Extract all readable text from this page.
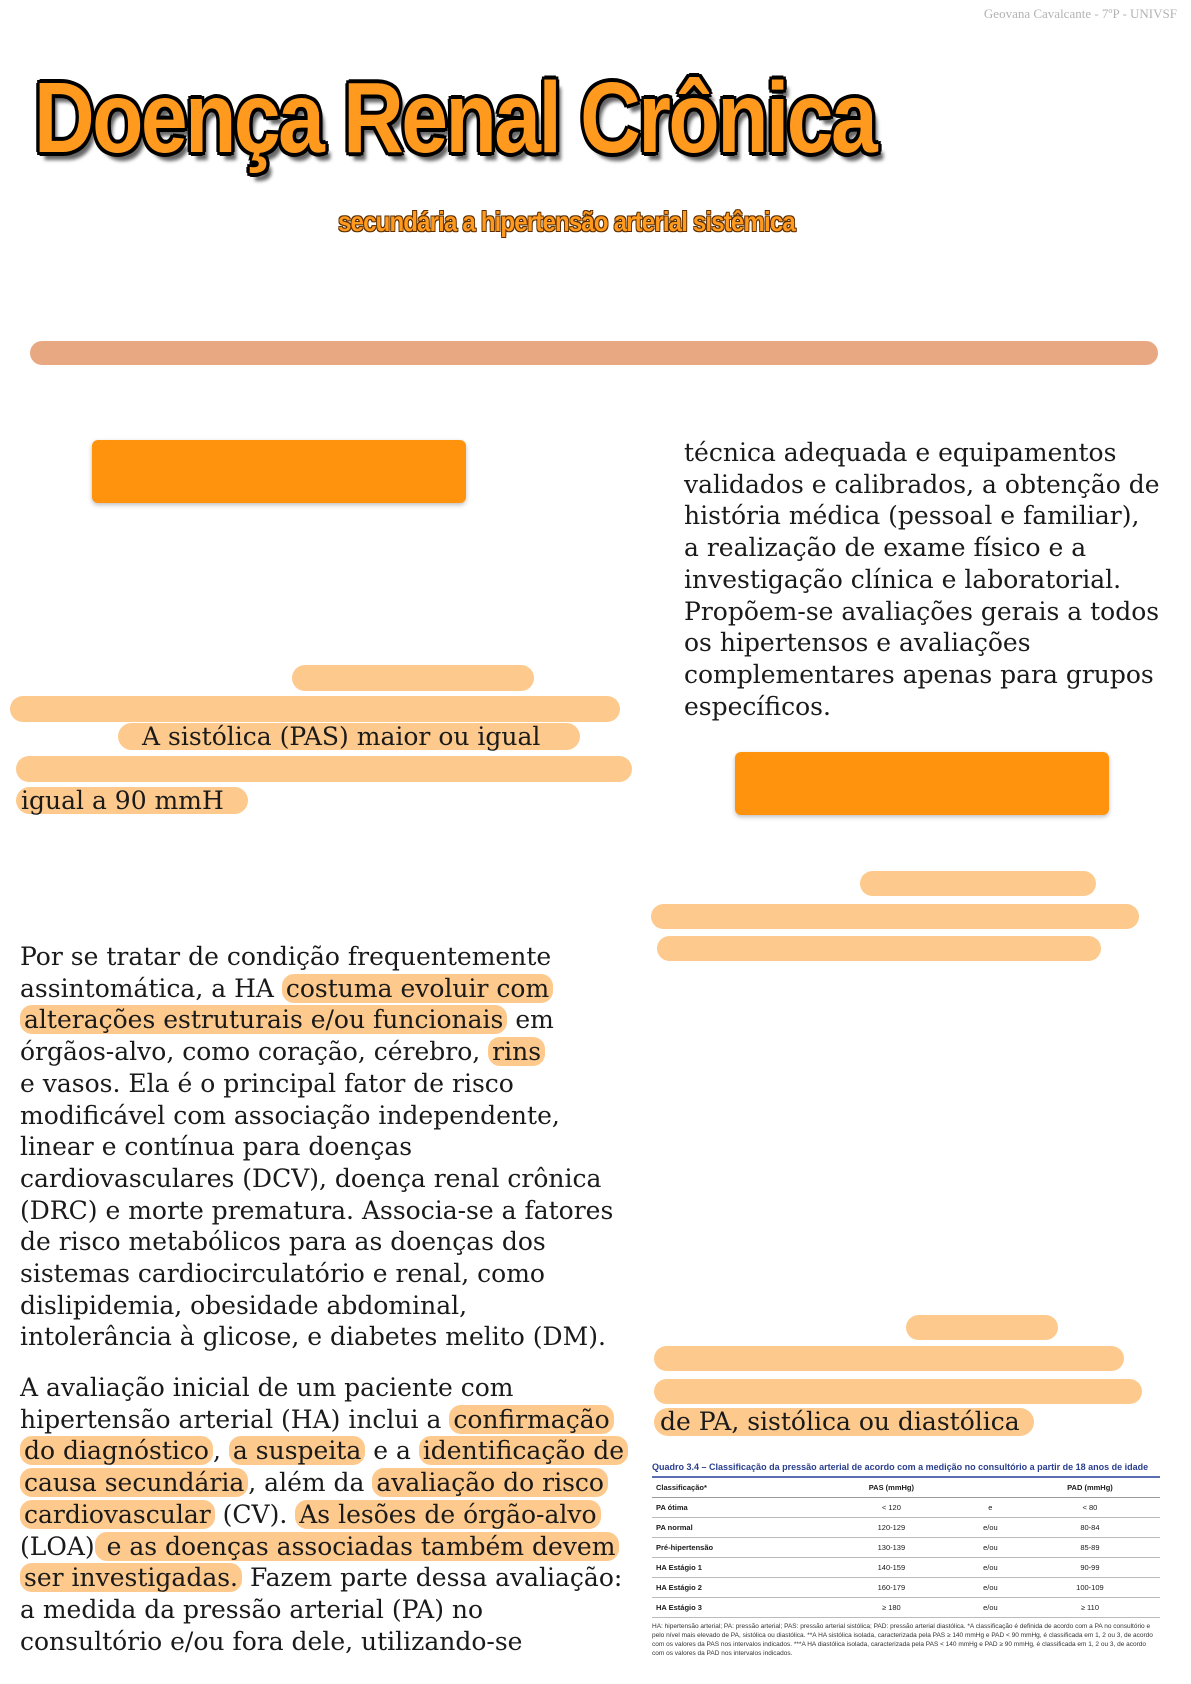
Geovana Cavalcante - 7ºP - UNIVSF
Doença Renal Crônica
secundária a hipertensão arterial sistêmica
A sistólica (PAS) maior ou igual
igual a 90 mmH
Por se tratar de condição frequentemente
assintomática, a HA costuma evoluir com
alterações estruturais e/ou funcionais em
órgãos-alvo, como coração, cérebro, rins
e vasos. Ela é o principal fator de risco
modificável com associação independente,
linear e contínua para doenças
cardiovasculares (DCV), doença renal crônica
(DRC) e morte prematura. Associa-se a fatores
de risco metabólicos para as doenças dos
sistemas cardiocirculatório e renal, como
dislipidemia, obesidade abdominal,
intolerância à glicose, e diabetes melito (DM).
A avaliação inicial de um paciente com
hipertensão arterial (HA) inclui a confirmação
do diagnóstico , a suspeita e a identificação de
causa secundária , além da avaliação do risco
cardiovascular (CV). As lesões de órgão-alvo
(LOA) e as doenças associadas também devem
ser investigadas. Fazem parte dessa avaliação:
a medida da pressão arterial (PA) no
consultório e/ou fora dele, utilizando-se
técnica adequada e equipamentos
validados e calibrados, a obtenção de
história médica (pessoal e familiar),
a realização de exame físico e a
investigação clínica e laboratorial.
Propõem-se avaliações gerais a todos
os hipertensos e avaliações
complementares apenas para grupos
específicos.
de PA, sistólica ou diastólica
Quadro 3.4 – Classificação da pressão arterial de acordo com a medição no consultório a partir de 18 anos de idade
Classificação*	PAS (mmHg)		PAD (mmHg)
PA ótima	< 120	e	< 80
PA normal	120-129	e/ou	80-84
Pré-hipertensão	130-139	e/ou	85-89
HA Estágio 1	140-159	e/ou	90-99
HA Estágio 2	160-179	e/ou	100-109
HA Estágio 3	≥ 180	e/ou	≥ 110
HA: hipertensão arterial; PA: pressão arterial; PAS: pressão arterial sistólica; PAD: pressão arterial diastólica. *A classificação é definida de acordo com a PA no consultório e pelo nível mais elevado de PA, sistólica ou diastólica. **A HA sistólica isolada, caracterizada pela PAS ≥ 140 mmHg e PAD < 90 mmHg, é classificada em 1, 2 ou 3, de acordo com os valores da PAS nos intervalos indicados. ***A HA diastólica isolada, caracterizada pela PAS < 140 mmHg e PAD ≥ 90 mmHg, é classificada em 1, 2 ou 3, de acordo com os valores da PAD nos intervalos indicados.
